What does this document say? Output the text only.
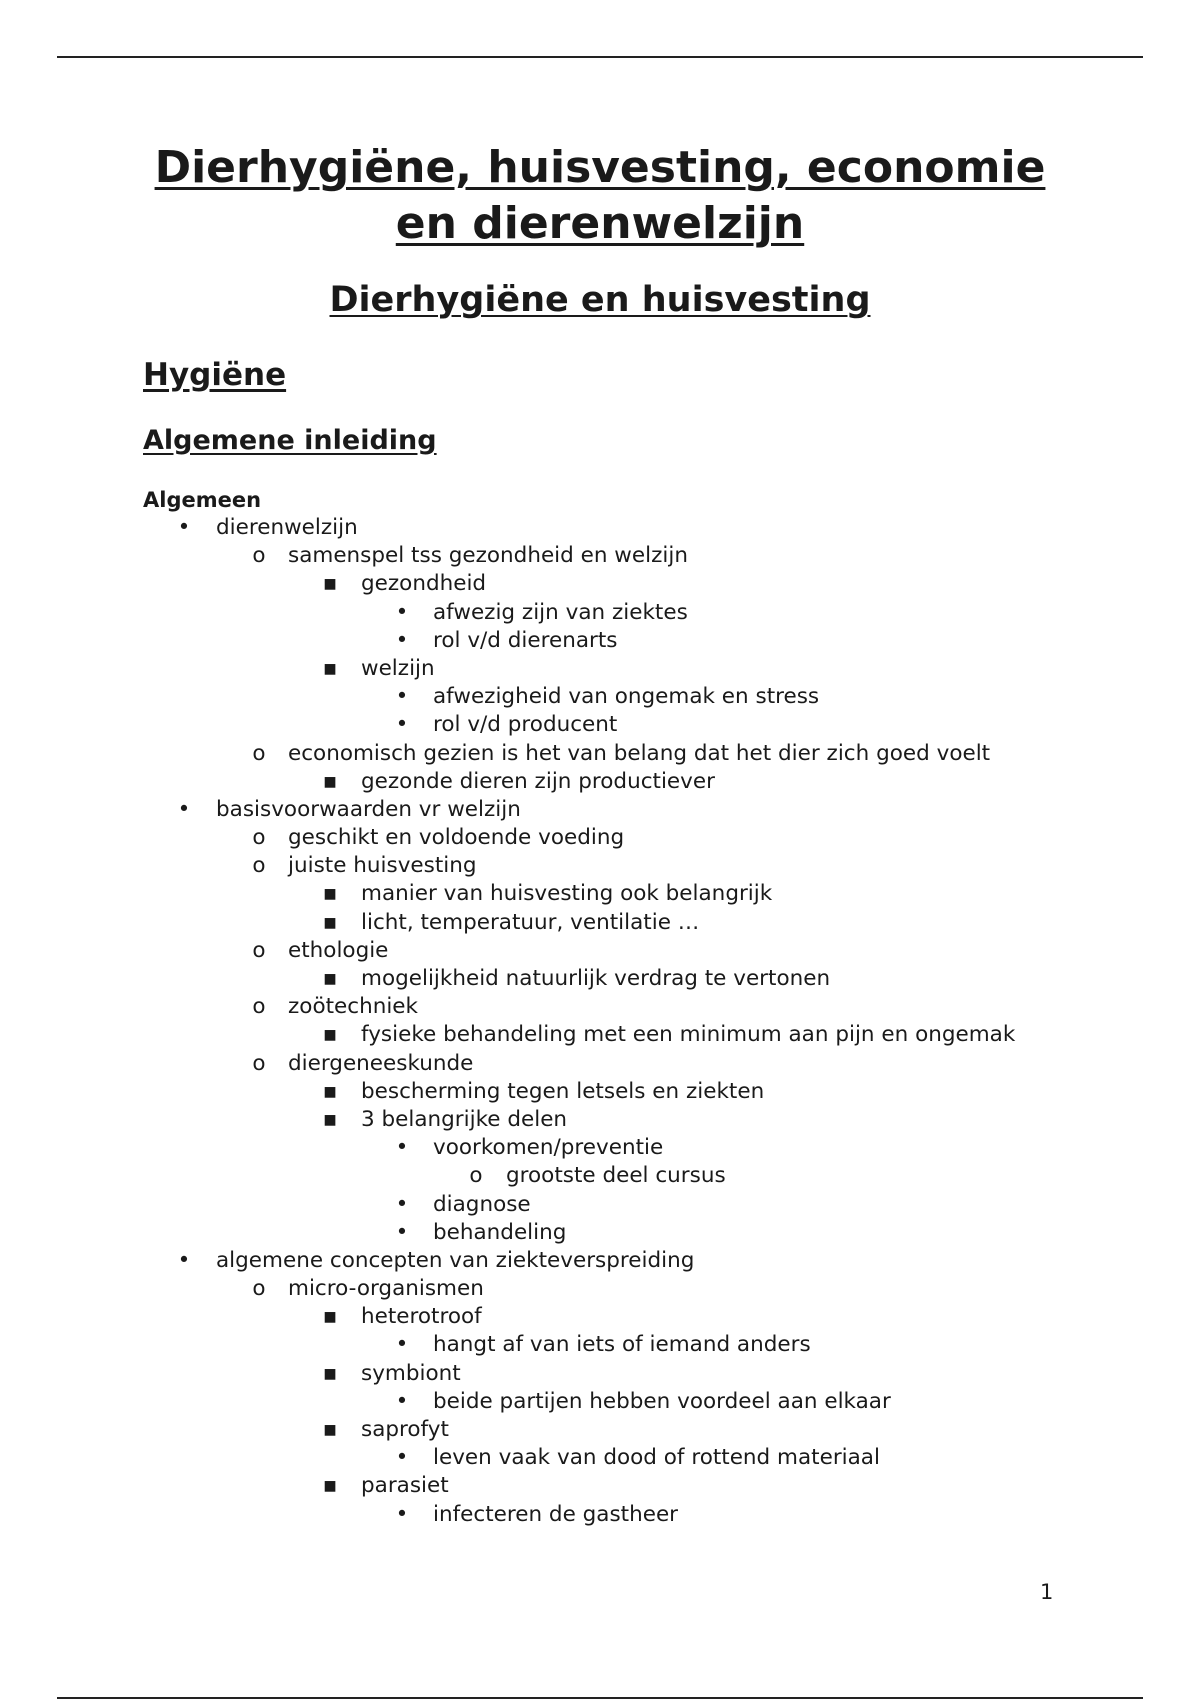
Dierhygiëne, huisvesting, economie
en dierenwelzijn
Dierhygiëne en huisvesting
Hygiëne
Algemene inleiding
Algemeen
• dierenwelzijn
o samenspel tss gezondheid en welzijn
▪ gezondheid
• afwezig zijn van ziektes
• rol v/d dierenarts
▪ welzijn
• afwezigheid van ongemak en stress
• rol v/d producent
o economisch gezien is het van belang dat het dier zich goed voelt
▪ gezonde dieren zijn productiever
• basisvoorwaarden vr welzijn
o geschikt en voldoende voeding
o juiste huisvesting
▪ manier van huisvesting ook belangrijk
▪ licht, temperatuur, ventilatie …
o ethologie
▪ mogelijkheid natuurlijk verdrag te vertonen
o zoötechniek
▪ fysieke behandeling met een minimum aan pijn en ongemak
o diergeneeskunde
▪ bescherming tegen letsels en ziekten
▪ 3 belangrijke delen
• voorkomen/preventie
o grootste deel cursus
• diagnose
• behandeling
• algemene concepten van ziekteverspreiding
o micro-organismen
▪ heterotroof
• hangt af van iets of iemand anders
▪ symbiont
• beide partijen hebben voordeel aan elkaar
▪ saprofyt
• leven vaak van dood of rottend materiaal
▪ parasiet
• infecteren de gastheer
1
